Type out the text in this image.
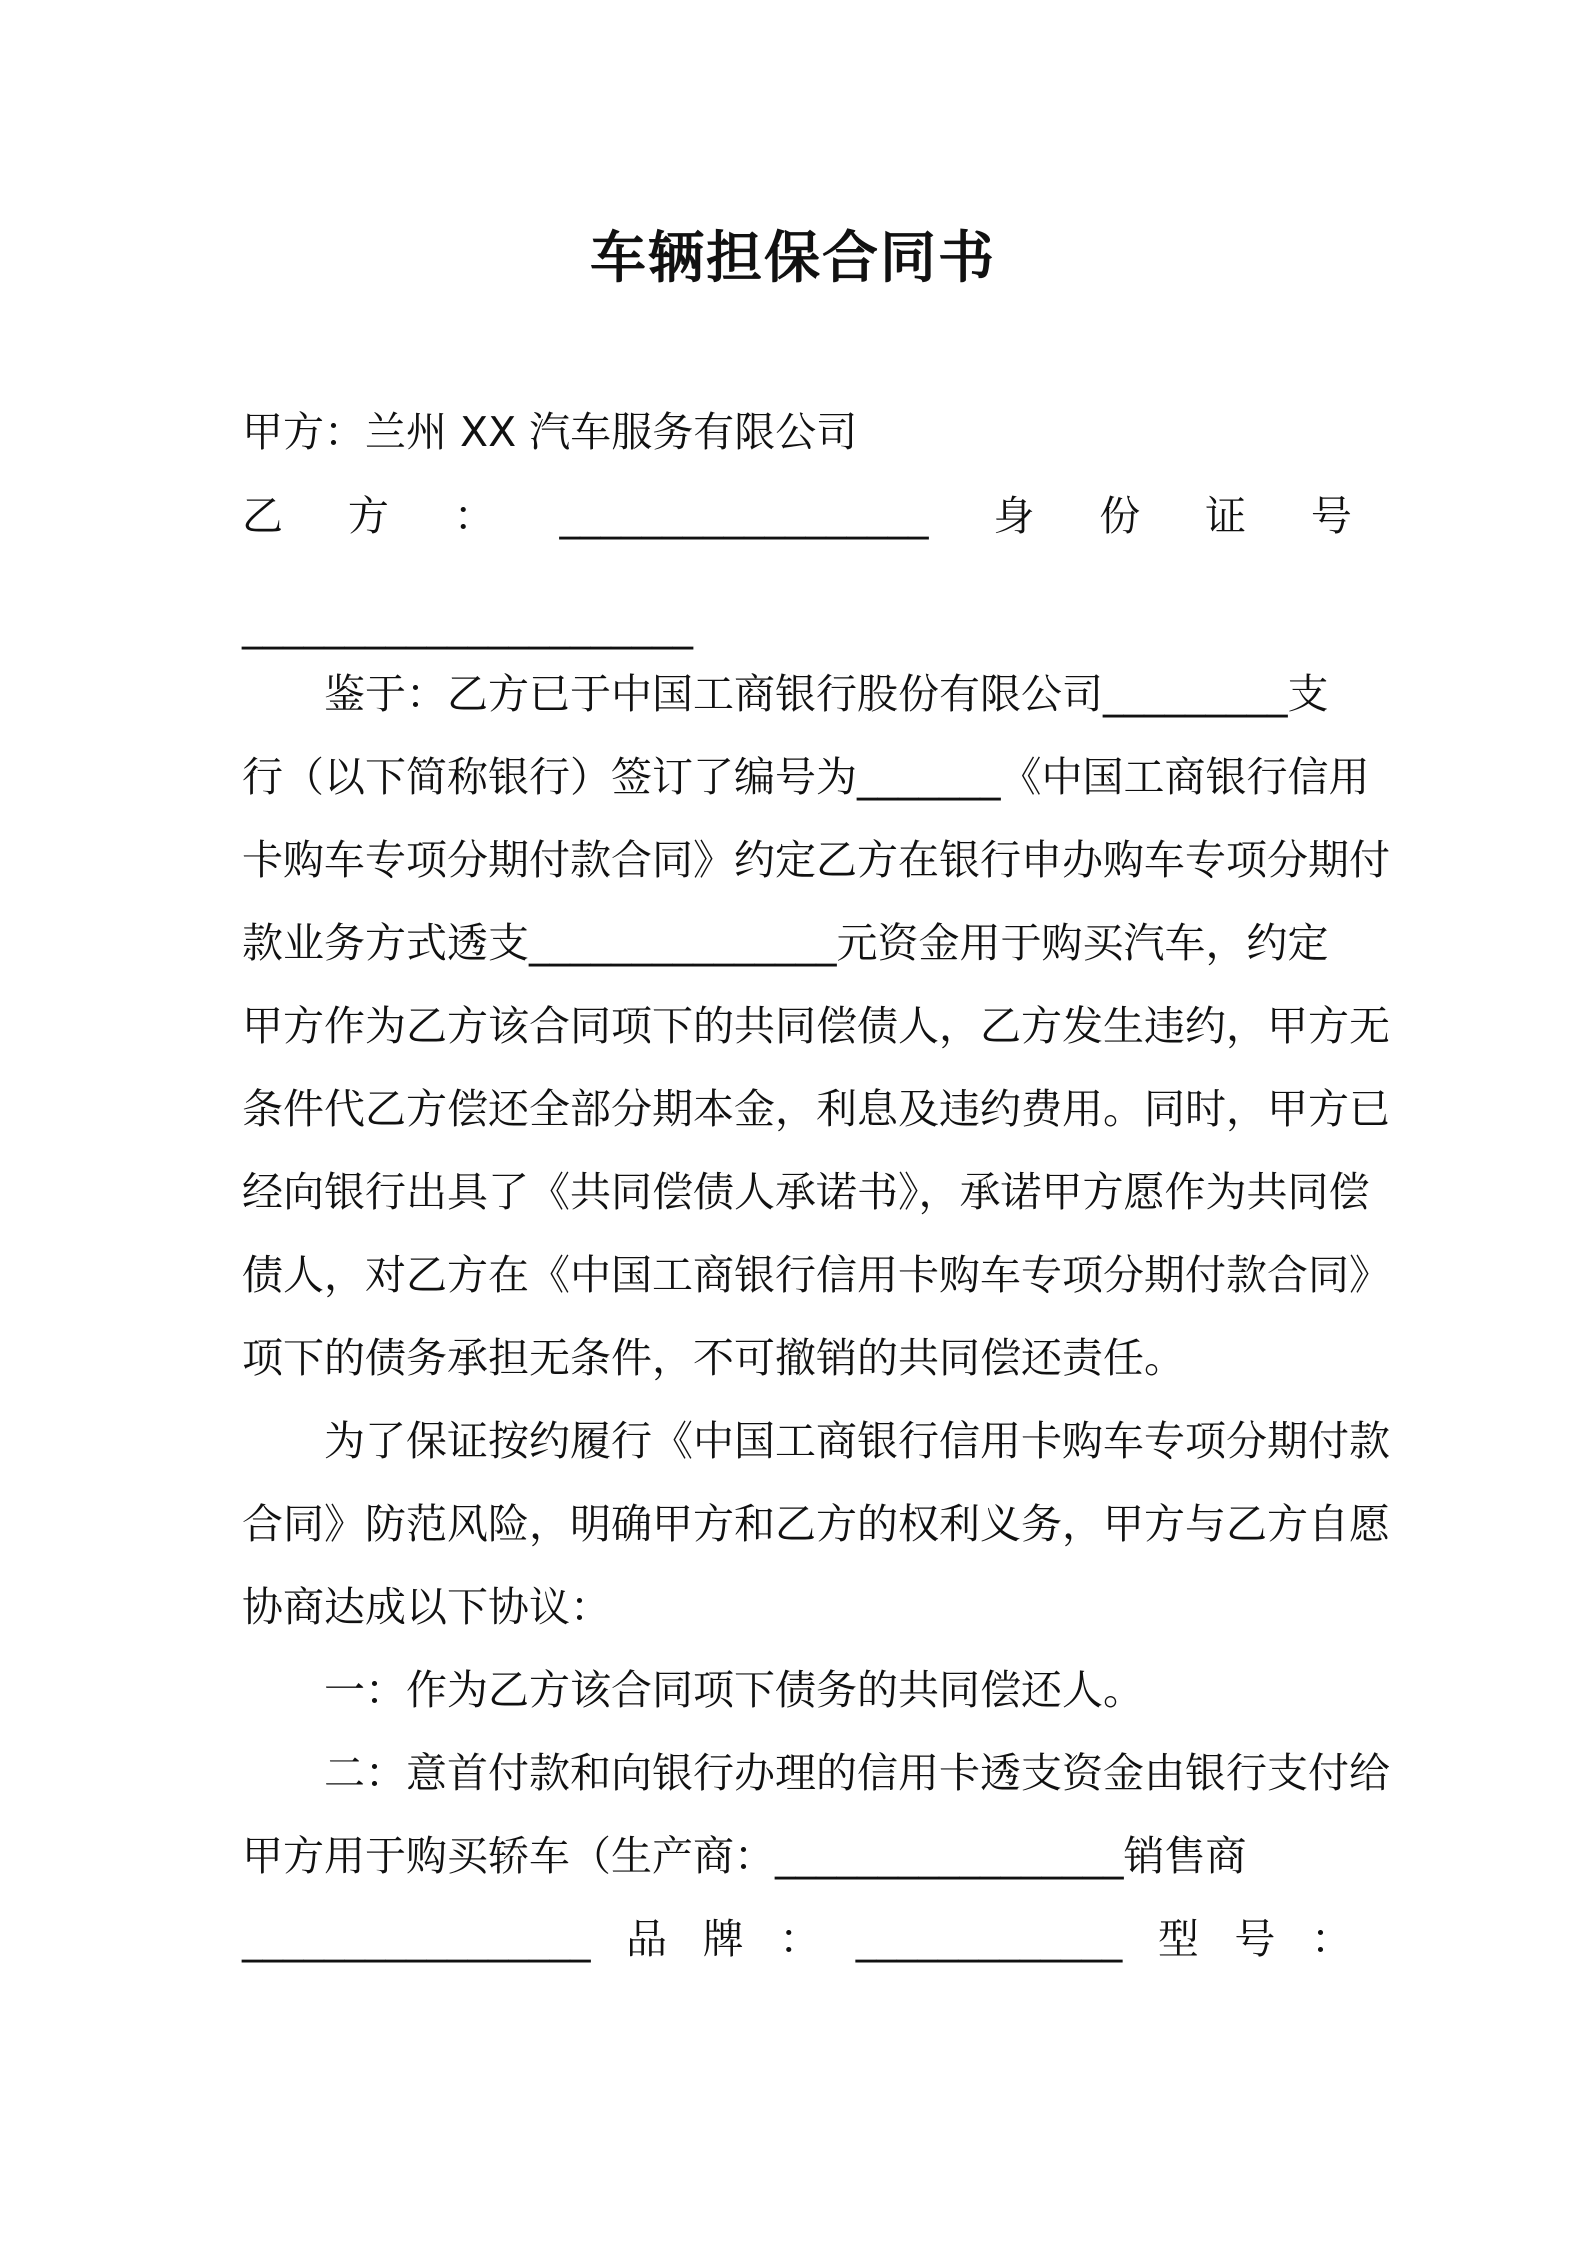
车辆担保合同书
甲方：兰州 XX 汽车服务有限公司
乙 方 ： __________________ 身 份 证 号
______________________
　　鉴于：乙方已于中国工商银行股份有限公司_________支
行（以下简称银行）签订了编号为_______《中国工商银行信用
卡购车专项分期付款合同》约定乙方在银行申办购车专项分期付
款业务方式透支_______________元资金用于购买汽车，约定
甲方作为乙方该合同项下的共同偿债人，乙方发生违约，甲方无
条件代乙方偿还全部分期本金，利息及违约费用。同时，甲方已
经向银行出具了《共同偿债人承诺书》，承诺甲方愿作为共同偿
债人，对乙方在《中国工商银行信用卡购车专项分期付款合同》
项下的债务承担无条件，不可撤销的共同偿还责任。
　　为了保证按约履行《中国工商银行信用卡购车专项分期付款
合同》防范风险，明确甲方和乙方的权利义务，甲方与乙方自愿
协商达成以下协议：
　　一：作为乙方该合同项下债务的共同偿还人。
　　二：意首付款和向银行办理的信用卡透支资金由银行支付给
甲方用于购买轿车（生产商：_________________销售商
_________________ 品 牌 ： _____________ 型 号 ：
